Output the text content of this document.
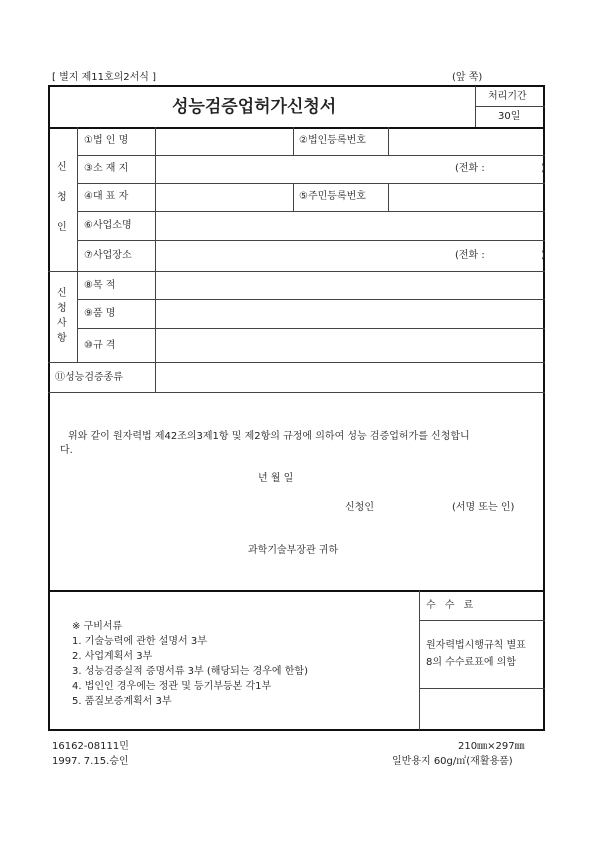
[ 별지 제11호의2서식 ]	(앞 쪽)
성능검증업허가신청서
처리기간
30일
신
청
인
①법 인 명	②법인등록번호
③소 재 지	(전화 :	)
④대 표 자	⑤주민등록번호
⑥사업소명
⑦사업장소	(전화 :	)
신
청
사
항
⑧목 적
⑨품 명
⑩규 격
⑪성능검증종류
위와 같이 원자력법 제42조의3제1항 및 제2항의 규정에 의하여 성능 검증업허가를 신청합니
다.
년 월 일
신청인	(서명 또는 인)
과학기술부장관 귀하
※ 구비서류
1. 기술능력에 관한 설명서 3부
2. 사업계획서 3부
3. 성능검증실적 증명서류 3부 (해당되는 경우에 한함)
4. 법인인 경우에는 정관 및 등기부등본 각1부
5. 품질보증계획서 3부
수 수 료
원자력법시행규칙 별표
8의 수수료표에 의함
16162-08111민
1997. 7.15.승인
210㎜×297㎜
일반용지 60g/㎡(재활용품)
